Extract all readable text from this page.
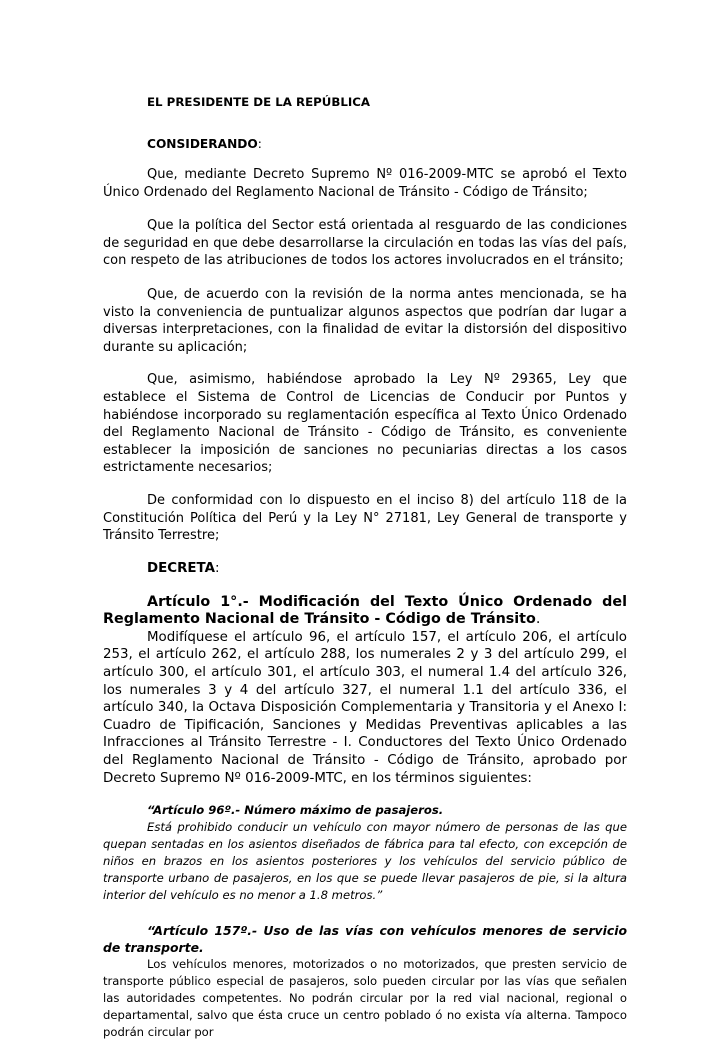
EL PRESIDENTE DE LA REPÚBLICA
CONSIDERANDO:

Que, mediante Decreto Supremo Nº 016-2009-MTC se aprobó el Texto Único Ordenado del Reglamento Nacional de Tránsito - Código de Tránsito;

Que la política del Sector está orientada al resguardo de las condiciones de seguridad en que debe desarrollarse la circulación en todas las vías del país, con respeto de las atribuciones de todos los actores involucrados en el tránsito;

Que, de acuerdo con la revisión de la norma antes mencionada, se ha visto la conveniencia de puntualizar algunos aspectos que podrían dar lugar a diversas interpretaciones, con la finalidad de evitar la distorsión del dispositivo durante su aplicación;

Que, asimismo, habiéndose aprobado la Ley Nº 29365, Ley que establece el Sistema de Control de Licencias de Conducir por Puntos y habiéndose incorporado su reglamentación específica al Texto Único Ordenado del Reglamento Nacional de Tránsito - Código de Tránsito, es conveniente establecer la imposición de sanciones no pecuniarias directas a los casos estrictamente necesarios;

De conformidad con lo dispuesto en el inciso 8) del artículo 118 de la Constitución Política del Perú y la Ley N° 27181, Ley General de transporte y Tránsito Terrestre;

DECRETA:
Artículo 1°.- Modificación del Texto Único Ordenado del Reglamento Nacional de Tránsito - Código de Tránsito.

Modifíquese el artículo 96, el artículo 157, el artículo 206, el artículo 253, el artículo 262, el artículo 288, los numerales 2 y 3 del artículo 299, el artículo 300, el artículo 301, el artículo 303, el numeral 1.4 del artículo 326, los numerales 3 y 4 del artículo 327, el numeral 1.1 del artículo 336, el artículo 340, la Octava Disposición Complementaria y Transitoria y el Anexo I: Cuadro de Tipificación, Sanciones y Medidas Preventivas aplicables a las Infracciones al Tránsito Terrestre - I. Conductores del Texto Único Ordenado del Reglamento Nacional de Tránsito - Código de Tránsito, aprobado por Decreto Supremo Nº 016-2009-MTC, en los términos siguientes:

“Artículo 96º.- Número máximo de pasajeros.

Está prohibido conducir un vehículo con mayor número de personas de las que quepan sentadas en los asientos diseñados de fábrica para tal efecto, con excepción de niños en brazos en los asientos posteriores y los vehículos del servicio público de transporte urbano de pasajeros, en los que se puede llevar pasajeros de pie, si la altura interior del vehículo es no menor a 1.8 metros.”

“Artículo 157º.- Uso de las vías con vehículos menores de servicio de transporte.

Los vehículos menores, motorizados o no motorizados, que presten servicio de transporte público especial de pasajeros, solo pueden circular por las vías que señalen las autoridades competentes. No podrán circular por la red vial nacional, regional o departamental, salvo que ésta cruce un centro poblado ó no exista vía alterna. Tampoco podrán circular por
